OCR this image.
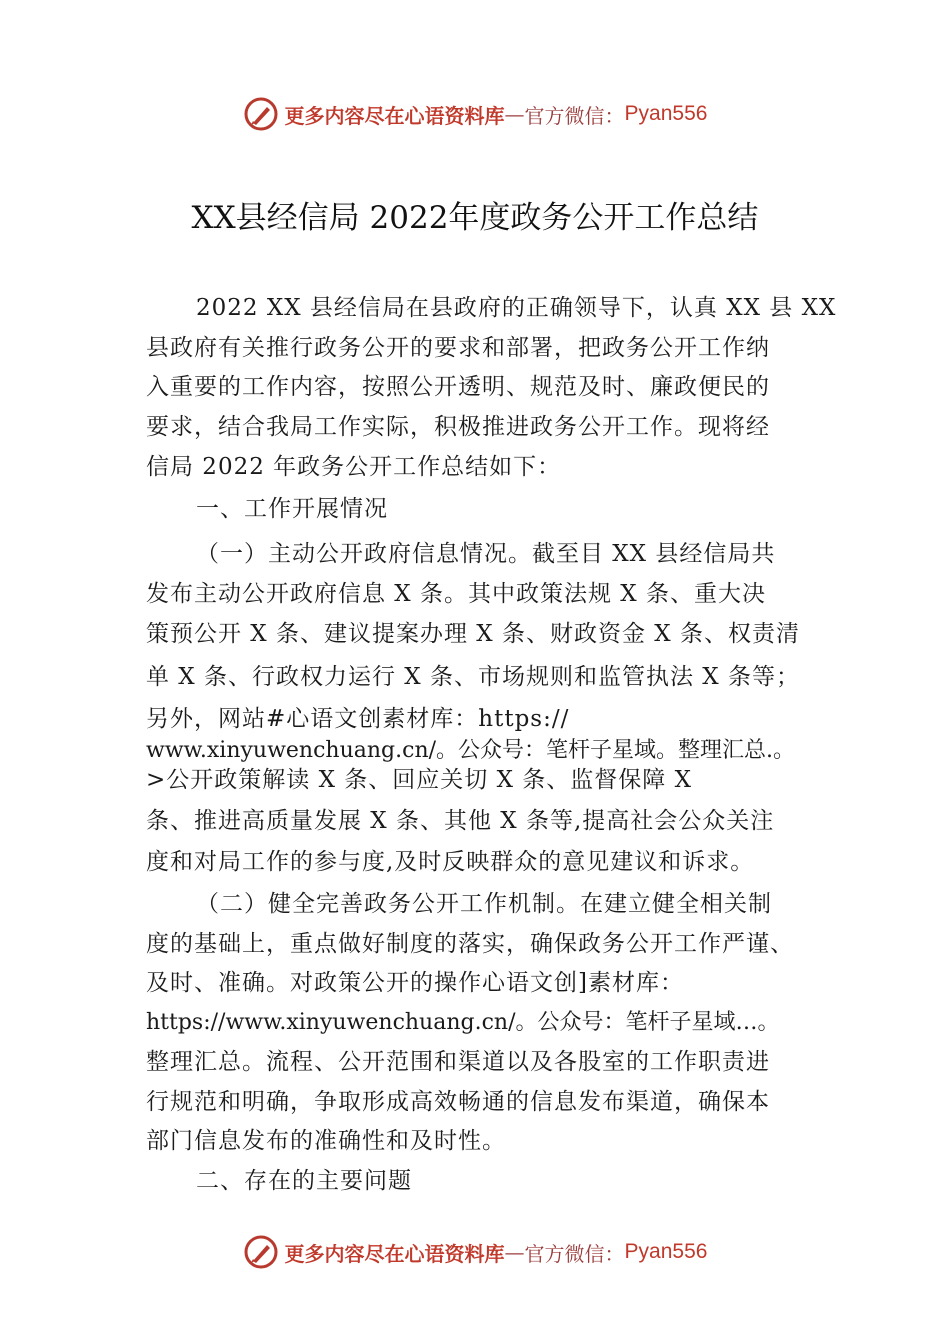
更多内容尽在心语资料库 — 官方微信： Pyan556
XX县经信局 2022年度政务公开工作总结
2022 XX 县经信局在县政府的正确领导下，认真 XX 县 XX
县政府有关推行政务公开的要求和部署，把政务公开工作纳
入重要的工作内容，按照公开透明、规范及时、廉政便民的
要求，结合我局工作实际，积极推进政务公开工作。现将经
信局 2022 年政务公开工作总结如下：
一、工作开展情况
（一）主动公开政府信息情况。截至目 XX 县经信局共
发布主动公开政府信息 X 条。其中政策法规 X 条、重大决
策预公开 X 条、建议提案办理 X 条、财政资金 X 条、权责清
单 X 条、行政权力运行 X 条、市场规则和监管执法 X 条等；
另外，网站#心语文创素材库：https://
www.xinyuwenchuang.cn/。公众号：笔杆子星域。整理汇总.。
>公开政策解读 X 条、回应关切 X 条、监督保障 X
条、推进高质量发展 X 条、其他 X 条等,提高社会公众关注
度和对局工作的参与度,及时反映群众的意见建议和诉求。
（二）健全完善政务公开工作机制。在建立健全相关制
度的基础上，重点做好制度的落实，确保政务公开工作严谨、
及时、准确。对政策公开的操作心语文创]素材库：
https://www.xinyuwenchuang.cn/。公众号：笔杆子星域…。
整理汇总。流程、公开范围和渠道以及各股室的工作职责进
行规范和明确，争取形成高效畅通的信息发布渠道，确保本
部门信息发布的准确性和及时性。
二、存在的主要问题
更多内容尽在心语资料库 — 官方微信： Pyan556
